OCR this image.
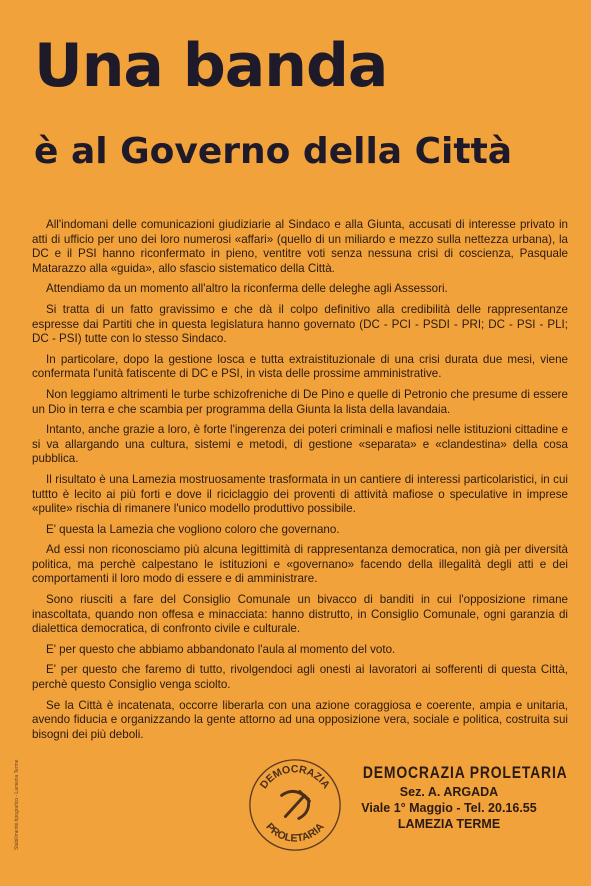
Una banda
è al Governo della Città

All'indomani delle comunicazioni giudiziarie al Sindaco e alla Giunta, accusati di interesse privato in atti di ufficio per uno dei loro numerosi «affari» (quello di un miliardo e mezzo sulla nettezza urbana), la DC e il PSI hanno riconfermato in pieno, ventitre voti senza nessuna crisi di coscienza, Pasquale Matarazzo alla «guida», allo sfascio sistematico della Città.

Attendiamo da un momento all'altro la riconferma delle deleghe agli Assessori.

Si tratta di un fatto gravissimo e che dà il colpo definitivo alla credibilità delle rappresentanze espresse dai Partiti che in questa legislatura hanno governato (DC - PCI - PSDI - PRI; DC - PSI - PLI; DC - PSI) tutte con lo stesso Sindaco.

In particolare, dopo la gestione losca e tutta extraistituzionale di una crisi durata due mesi, viene confermata l'unità fatiscente di DC e PSI, in vista delle prossime amministrative.

Non leggiamo altrimenti le turbe schizofreniche di De Pino e quelle di Petronio che presume di essere un Dio in terra e che scambia per programma della Giunta la lista della lavandaia.

Intanto, anche grazie a loro, è forte l'ingerenza dei poteri criminali e mafiosi nelle istituzioni cittadine e si va allargando una cultura, sistemi e metodi, di gestione «separata» e «clandestina» della cosa pubblica.

Il risultato è una Lamezia mostruosamente trasformata in un cantiere di interessi particolaristici, in cui tuttto è lecito ai più forti e dove il riciclaggio dei proventi di attività mafiose o speculative in imprese «pulite» rischia di rimanere l'unico modello produttivo possibile.

E' questa la Lamezia che vogliono coloro che governano.

Ad essi non riconosciamo più alcuna legittimità di rappresentanza democratica, non già per diversità politica, ma perchè calpestano le istituzioni e «governano» facendo della illegalità degli atti e dei comportamenti il loro modo di essere e di amministrare.

Sono riusciti a fare del Consiglio Comunale un bivacco di banditi in cui l'opposizione rimane inascoltata, quando non offesa e minacciata: hanno distrutto, in Consiglio Comunale, ogni garanzia di dialettica democratica, di confronto civile e culturale.

E' per questo che abbiamo abbandonato l'aula al momento del voto.

E' per questo che faremo di tutto, rivolgendoci agli onesti ai lavoratori ai sofferenti di questa Città, perchè questo Consiglio venga sciolto.

Se la Città è incatenata, occorre liberarla con una azione coraggiosa e coerente, ampia e unitaria, avendo fiducia e organizzando la gente attorno ad una opposizione vera, sociale e politica, costruita sui bisogni dei più deboli.

Stabilimento tipografico - Lamezia Terme	DEMOCRAZIA
PROLETARIA
DEMOCRAZIA PROLETARIA
Sez. A. ARGADA
Viale 1° Maggio - Tel. 20.16.55
LAMEZIA TERME
